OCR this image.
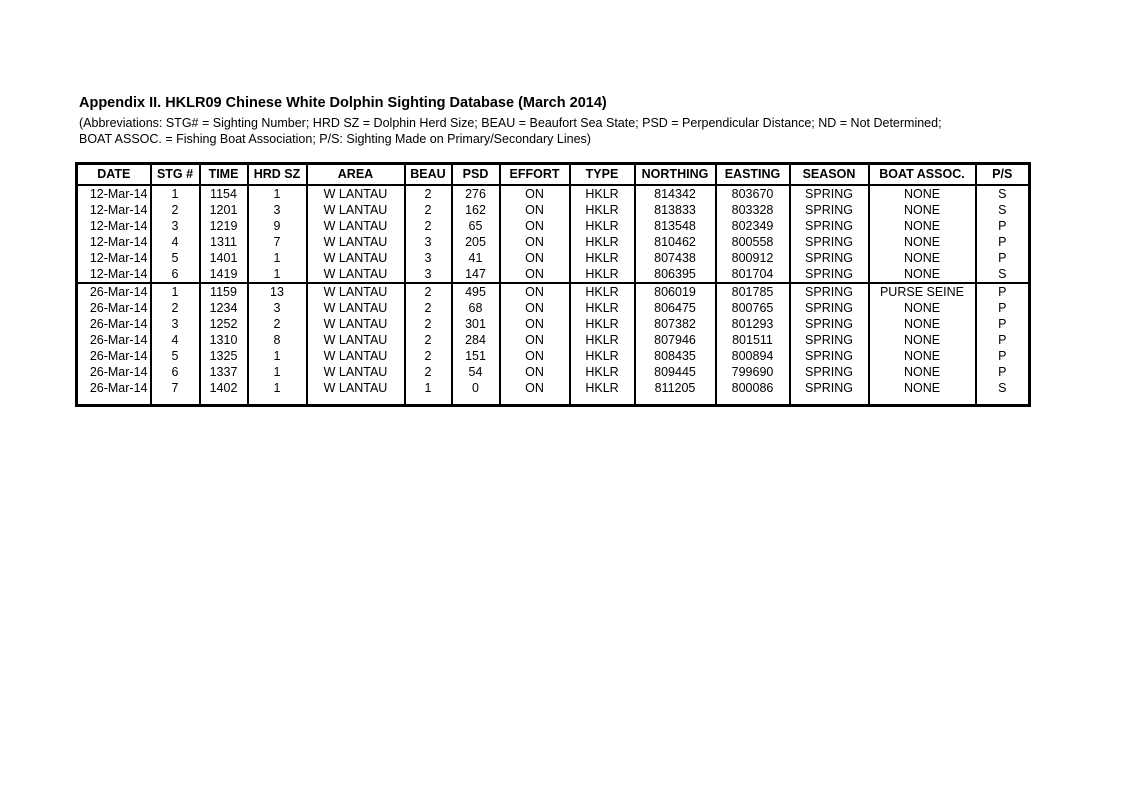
Appendix II. HKLR09 Chinese White Dolphin Sighting Database (March 2014)
(Abbreviations: STG# = Sighting Number; HRD SZ = Dolphin Herd Size; BEAU = Beaufort Sea State; PSD = Perpendicular Distance; ND = Not Determined;
BOAT ASSOC. = Fishing Boat Association; P/S: Sighting Made on Primary/Secondary Lines)
DATE	STG #	TIME	HRD SZ	AREA	BEAU	PSD	EFFORT	TYPE	NORTHING	EASTING	SEASON	BOAT ASSOC.	P/S
12-Mar-14	1	1154	1	W LANTAU	2	276	ON	HKLR	814342	803670	SPRING	NONE	S
12-Mar-14	2	1201	3	W LANTAU	2	162	ON	HKLR	813833	803328	SPRING	NONE	S
12-Mar-14	3	1219	9	W LANTAU	2	65	ON	HKLR	813548	802349	SPRING	NONE	P
12-Mar-14	4	1311	7	W LANTAU	3	205	ON	HKLR	810462	800558	SPRING	NONE	P
12-Mar-14	5	1401	1	W LANTAU	3	41	ON	HKLR	807438	800912	SPRING	NONE	P
12-Mar-14	6	1419	1	W LANTAU	3	147	ON	HKLR	806395	801704	SPRING	NONE	S
26-Mar-14	1	1159	13	W LANTAU	2	495	ON	HKLR	806019	801785	SPRING	PURSE SEINE	P
26-Mar-14	2	1234	3	W LANTAU	2	68	ON	HKLR	806475	800765	SPRING	NONE	P
26-Mar-14	3	1252	2	W LANTAU	2	301	ON	HKLR	807382	801293	SPRING	NONE	P
26-Mar-14	4	1310	8	W LANTAU	2	284	ON	HKLR	807946	801511	SPRING	NONE	P
26-Mar-14	5	1325	1	W LANTAU	2	151	ON	HKLR	808435	800894	SPRING	NONE	P
26-Mar-14	6	1337	1	W LANTAU	2	54	ON	HKLR	809445	799690	SPRING	NONE	P
26-Mar-14	7	1402	1	W LANTAU	1	0	ON	HKLR	811205	800086	SPRING	NONE	S
